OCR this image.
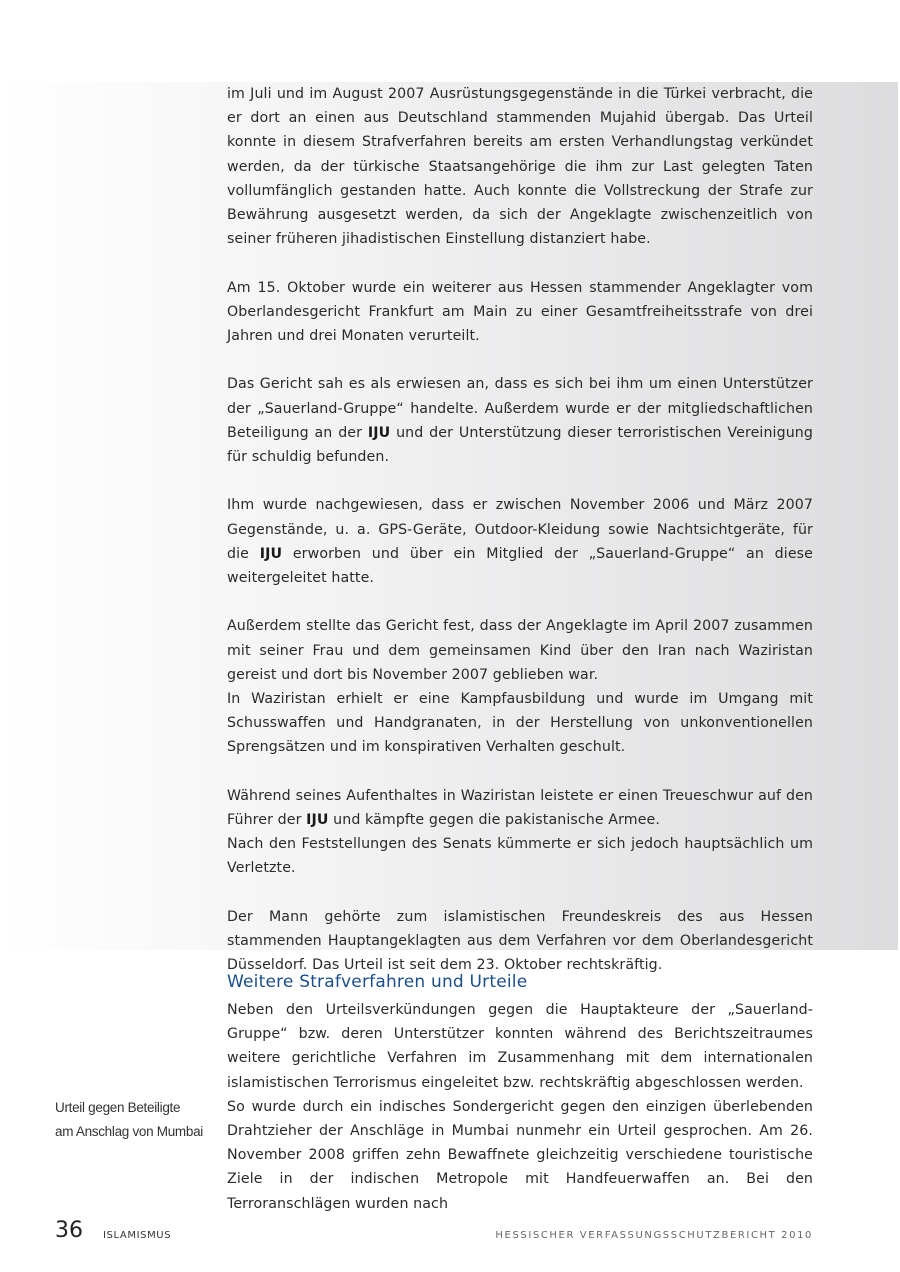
im Juli und im August 2007 Ausrüstungsgegenstände in die Türkei verbracht, die er dort an einen aus Deutschland stammenden Mujahid übergab. Das Urteil konnte in diesem Strafverfahren bereits am ersten Verhandlungstag verkündet werden, da der türkische Staatsangehörige die ihm zur Last gelegten Taten vollumfänglich gestanden hatte. Auch konnte die Vollstreckung der Strafe zur Bewährung ausgesetzt werden, da sich der Angeklagte zwischenzeitlich von seiner früheren jihadistischen Einstellung distanziert habe.

Am 15. Oktober wurde ein weiterer aus Hessen stammender Angeklagter vom Oberlandesgericht Frankfurt am Main zu einer Gesamtfreiheitsstrafe von drei Jahren und drei Monaten verurteilt.

Das Gericht sah es als erwiesen an, dass es sich bei ihm um einen Unterstützer der „Sauerland-Gruppe“ handelte. Außerdem wurde er der mitgliedschaftlichen Beteiligung an der IJU und der Unterstützung dieser terroristischen Vereinigung für schuldig befunden.

Ihm wurde nachgewiesen, dass er zwischen November 2006 und März 2007 Gegenstände, u. a. GPS-Geräte, Outdoor-Kleidung sowie Nachtsichtgeräte, für die IJU erworben und über ein Mitglied der „Sauerland-Gruppe“ an diese weitergeleitet hatte.

Außerdem stellte das Gericht fest, dass der Angeklagte im April 2007 zusammen mit seiner Frau und dem gemeinsamen Kind über den Iran nach Waziristan gereist und dort bis November 2007 geblieben war.

In Waziristan erhielt er eine Kampfausbildung und wurde im Umgang mit Schusswaffen und Handgranaten, in der Herstellung von unkonventionellen Sprengsätzen und im konspirativen Verhalten geschult.

Während seines Aufenthaltes in Waziristan leistete er einen Treueschwur auf den Führer der IJU und kämpfte gegen die pakistanische Armee.

Nach den Feststellungen des Senats kümmerte er sich jedoch hauptsächlich um Verletzte.

Der Mann gehörte zum islamistischen Freundeskreis des aus Hessen stammenden Hauptangeklagten aus dem Verfahren vor dem Oberlandesgericht Düsseldorf. Das Urteil ist seit dem 23. Oktober rechtskräftig.

Weitere Strafverfahren und Urteile

Neben den Urteilsverkündungen gegen die Hauptakteure der „Sauerland-Gruppe“ bzw. deren Unterstützer konnten während des Berichtszeitraumes weitere gerichtliche Verfahren im Zusammenhang mit dem internationalen islamistischen Terrorismus eingeleitet bzw. rechtskräftig abgeschlossen werden.

So wurde durch ein indisches Sondergericht gegen den einzigen überlebenden Drahtzieher der Anschläge in Mumbai nunmehr ein Urteil gesprochen. Am 26. November 2008 griffen zehn Bewaffnete gleichzeitig verschiedene touristische Ziele in der indischen Metropole mit Handfeuerwaffen an. Bei den Terroranschlägen wurden nach

Urteil gegen Beteiligte
am Anschlag von Mumbai
36 ISLAMISMUS	HESSISCHER VERFASSUNGSSCHUTZBERICHT 2010
